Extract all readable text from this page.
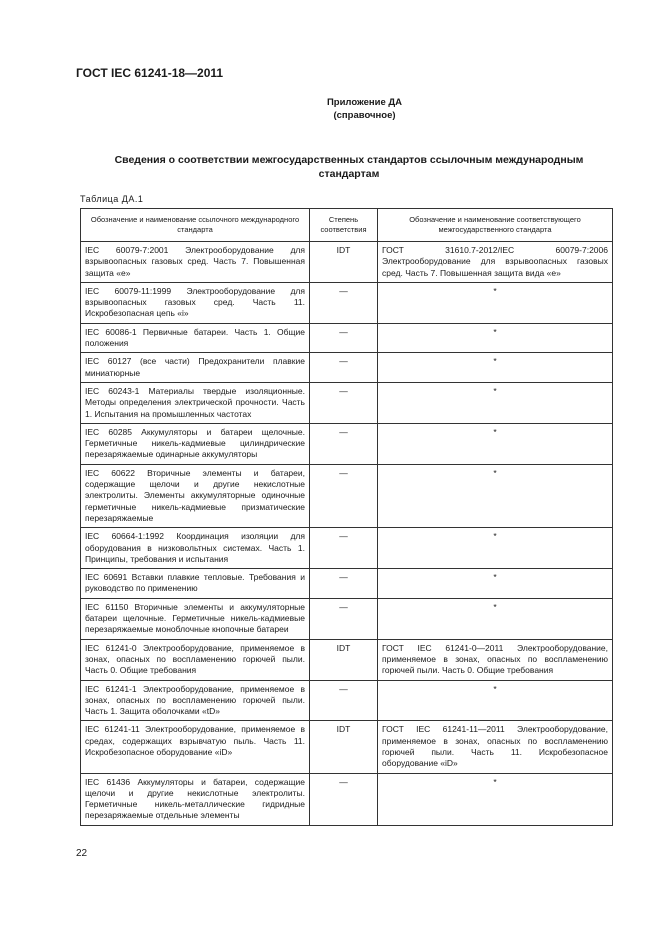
ГОСТ IEC 61241-18—2011
Приложение ДА
(справочное)
Сведения о соответствии межгосударственных стандартов ссылочным международным стандартам
Таблица ДА.1
Обозначение и наименование ссылочного международного стандарта	Степень соответствия	Обозначение и наименование соответствующего межгосударственного стандарта
IEC 60079-7:2001 Электрооборудование для взрывоопасных газовых сред. Часть 7. Повышенная защита «е»	IDT	ГОСТ 31610.7-2012/IEC 60079-7:2006 Электрооборудование для взрывоопасных газовых сред. Часть 7. Повышенная защита вида «е»
IEC 60079-11:1999 Электрооборудование для взрывоопасных газовых сред. Часть 11. Искробезопасная цепь «i»	—	*
IEC 60086-1 Первичные батареи. Часть 1. Общие положения	—	*
IEC 60127 (все части) Предохранители плавкие миниатюрные	—	*
IEC 60243-1 Материалы твердые изоляционные. Методы определения электрической прочности. Часть 1. Испытания на промышленных частотах	—	*
IEC 60285 Аккумуляторы и батареи щелочные. Герметичные никель-кадмиевые цилиндрические перезаряжаемые одинарные аккумуляторы	—	*
IEC 60622 Вторичные элементы и батареи, содержащие щелочи и другие некислотные электролиты. Элементы аккумуляторные одиночные герметичные никель-кадмиевые призматические перезаряжаемые	—	*
IEC 60664-1:1992 Координация изоляции для оборудования в низковольтных системах. Часть 1. Принципы, требования и испытания	—	*
IEC 60691 Вставки плавкие тепловые. Требования и руководство по применению	—	*
IEC 61150 Вторичные элементы и аккумуляторные батареи щелочные. Герметичные никель-кадмиевые перезаряжаемые моноблочные кнопочные батареи	—	*
IEC 61241-0 Электрооборудование, применяемое в зонах, опасных по воспламенению горючей пыли. Часть 0. Общие требования	IDT	ГОСТ IEC 61241-0—2011 Электрооборудование, применяемое в зонах, опасных по воспламенению горючей пыли. Часть 0. Общие требования
IEC 61241-1 Электрооборудование, применяемое в зонах, опасных по воспламенению горючей пыли. Часть 1. Защита оболочками «tD»	—	*
IEC 61241-11 Электрооборудование, применяемое в средах, содержащих взрывчатую пыль. Часть 11. Искробезопасное оборудование «iD»	IDT	ГОСТ IEC 61241-11—2011 Электрооборудование, применяемое в зонах, опасных по воспламенению горючей пыли. Часть 11. Искробезопасное оборудование «iD»
IEC 61436 Аккумуляторы и батареи, содержащие щелочи и другие некислотные электролиты. Герметичные никель-металлические гидридные перезаряжаемые отдельные элементы	—	*
22
